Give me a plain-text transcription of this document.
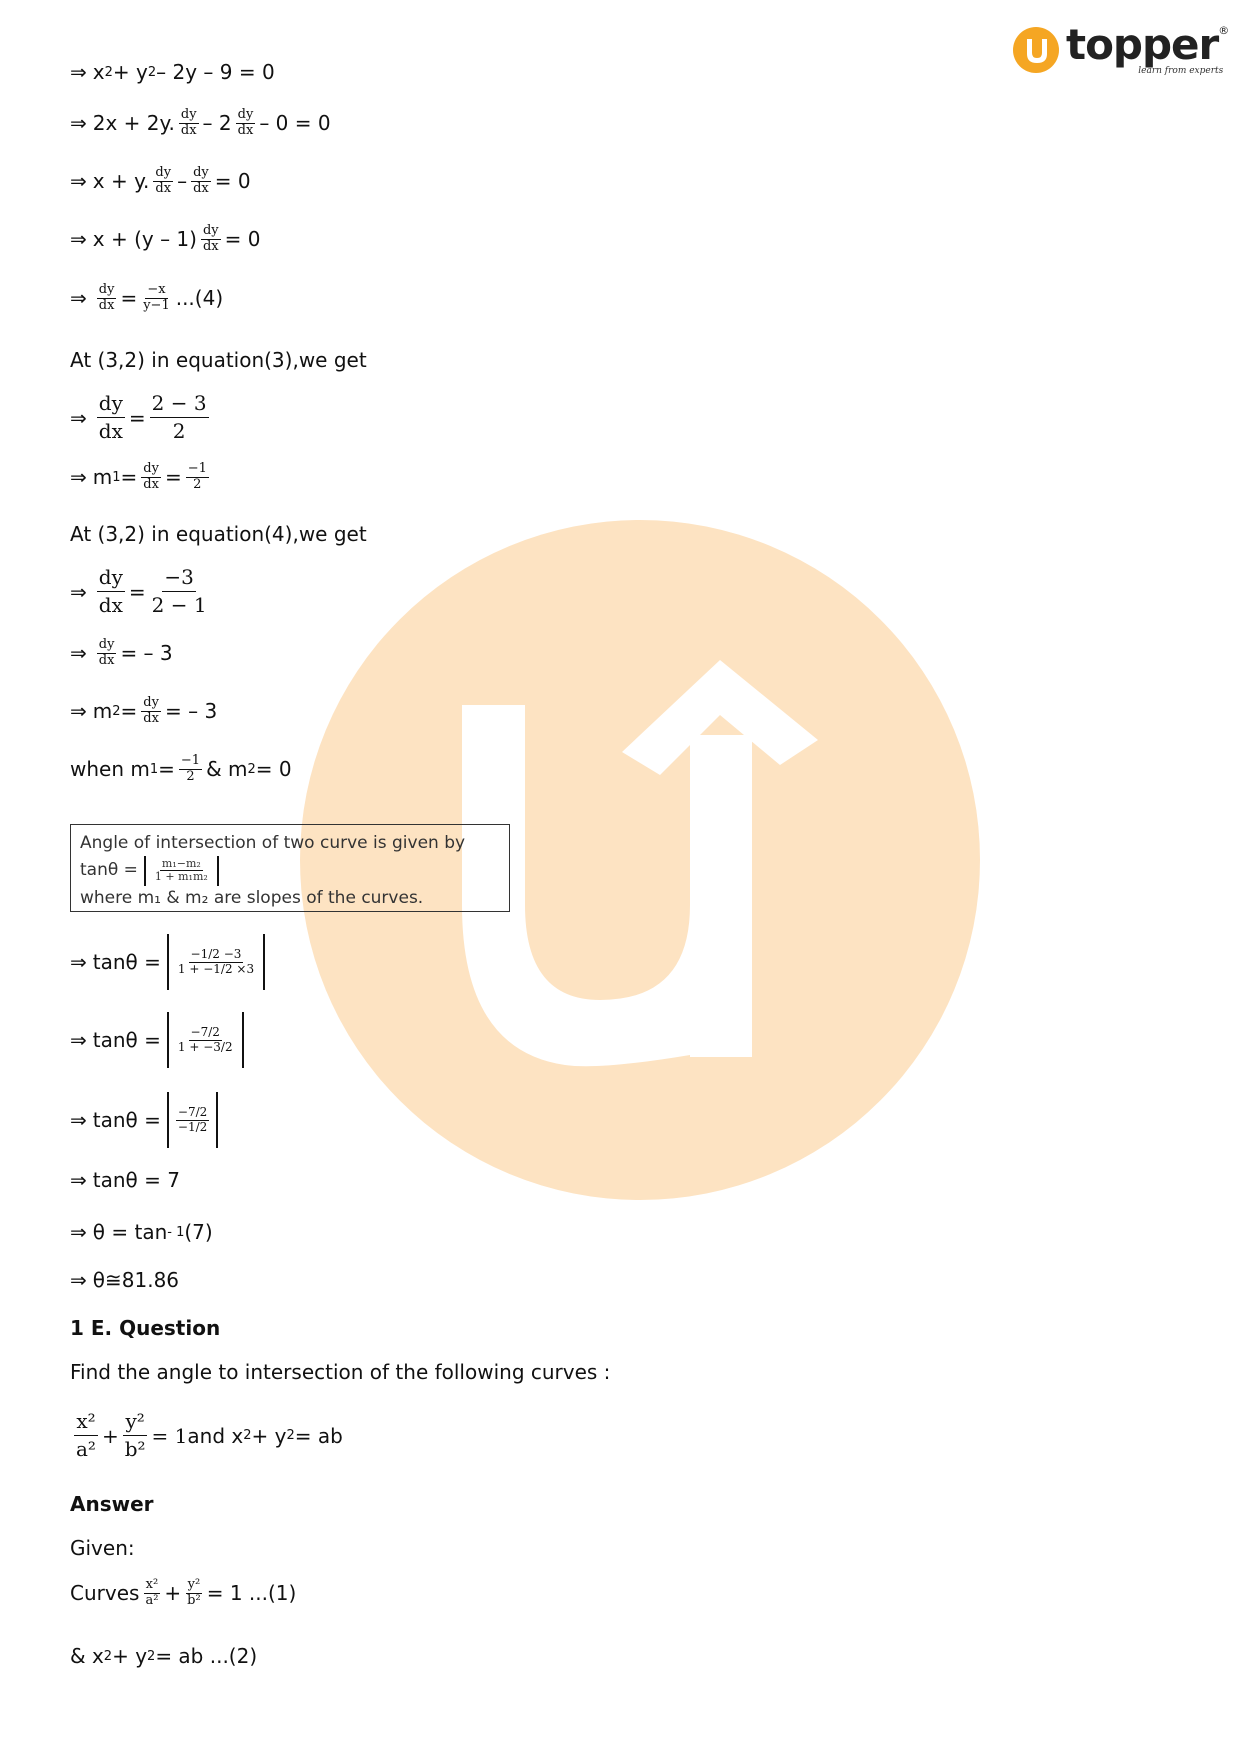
topper ®
learn from experts
⇒ x 2 + y 2 – 2y – 9 = 0
⇒ 2x + 2y. $\frac{dy}{dx} - 2 \frac{dy}{dx} - 0 = 0$
⇒ x + y. $\frac{dy}{dx} - \frac{dy}{dx} = 0$
⇒ $x + (y - 1) \frac{dy}{dx} = 0$
⇒ $\frac{dy}{dx} = \frac{-x}{y-1} ...(4)$
At (3,2) in equation(3),we get
⇒ $\frac{dy}{dx} = \frac{2 - 3}{2}$
⇒ m $1 = \frac{dy}{dx} = \frac{-1}{2}$
At (3,2) in equation(4),we get
⇒ $\frac{dy}{dx} = \frac{-3}{2 - 1}$
⇒ $\frac{dy}{dx}$ = – 3
⇒ m $2 = \frac{dy}{dx}$ = – 3
when m $1 = \frac{-1}{2}$ & m 2 = 0
Angle of intersection of two curve is given by
$\tan\theta = \frac{\text{m₁−m₂}}{\text{1 + m₁m₂}}$
where m₁ & m₂ are slopes of the curves.
⇒ $\tan\theta = \frac{-1/2 -3}{1 + -1/2 \times 3}$
⇒ $\tan\theta = \frac{-7/2}{1 + -3/2}$
⇒ $\tan\theta = \frac{-7/2}{-1/2}$
⇒ tanθ = 7
⇒ θ = tan - 1 (7)
⇒ θ≅81.86
1 E. Question
Find the angle to intersection of the following curves :
$\frac{\text{x²}}{\text{a²}} + \frac{\text{y²}}{\text{b²}} = 1$ and x 2 + y 2 = ab
Answer
Given:
Curves $\frac{\text{x²}}{\text{a²}} + \frac{\text{y²}}{\text{b²}} = 1$ ...(1)
& x 2 + y 2 = ab ...(2)
